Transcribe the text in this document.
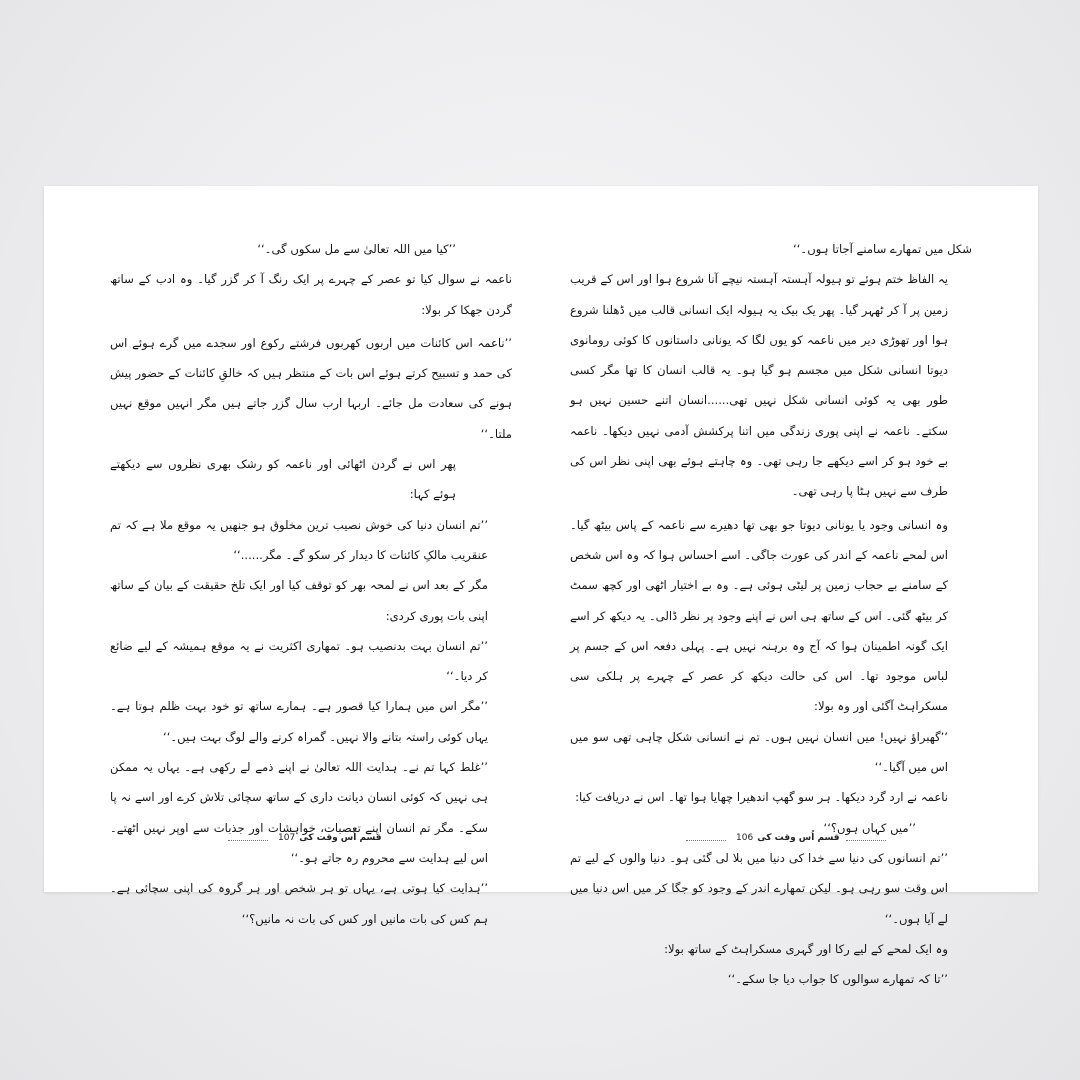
’’کیا میں اللہ تعالیٰ سے مل سکوں گی۔‘‘

ناعمہ نے سوال کیا تو عصر کے چہرے پر ایک رنگ آ کر گزر گیا۔ وہ ادب کے ساتھ گردن جھکا کر بولا:

’’ناعمہ اس کائنات میں اربوں کھربوں فرشتے رکوع اور سجدے میں گرے ہوئے اس کی حمد و تسبیح کرتے ہوئے اس بات کے منتظر ہیں کہ خالقِ کائنات کے حضور پیش ہونے کی سعادت مل جائے۔ اربہا ارب سال گزر جاتے ہیں مگر انہیں موقع نہیں ملتا۔‘‘

پھر اس نے گردن اٹھائی اور ناعمہ کو رشک بھری نظروں سے دیکھتے ہوئے کہا:

’’تم انسان دنیا کی خوش نصیب ترین مخلوق ہو جنھیں یہ موقع ملا ہے کہ تم عنقریب مالکِ کائنات کا دیدار کر سکو گے۔ مگر......‘‘

مگر کے بعد اس نے لمحہ بھر کو توقف کیا اور ایک تلخ حقیقت کے بیان کے ساتھ اپنی بات پوری کردی:

’’تم انسان بہت بدنصیب ہو۔ تمھاری اکثریت نے یہ موقع ہمیشہ کے لیے ضائع کر دیا۔‘‘

’’مگر اس میں ہمارا کیا قصور ہے۔ ہمارے ساتھ تو خود بہت ظلم ہوتا ہے۔ یہاں کوئی راستہ بتانے والا نہیں۔ گمراہ کرنے والے لوگ بہت ہیں۔‘‘

’’غلط کہا تم نے۔ ہدایت اللہ تعالیٰ نے اپنے ذمے لے رکھی ہے۔ یہاں یہ ممکن ہی نہیں کہ کوئی انسان دیانت داری کے ساتھ سچائی تلاش کرے اور اسے نہ پا سکے۔ مگر تم انسان اپنے تعصبات، خواہشات اور جذبات سے اوپر نہیں اٹھتے۔ اس لیے ہدایت سے محروم رہ جاتے ہو۔‘‘

’’ہدایت کیا ہوتی ہے، یہاں تو ہر شخص اور ہر گروہ کی اپنی سچائی ہے۔ ہم کس کی بات مانیں اور کس کی بات نہ مانیں؟‘‘

107 قسم اُس وقت کی

شکل میں تمھارے سامنے آجاتا ہوں۔‘‘

یہ الفاظ ختم ہوئے تو ہیولہ آہستہ آہستہ نیچے آنا شروع ہوا اور اس کے قریب زمین پر آ کر ٹھہر گیا۔ پھر یک بیک یہ ہیولہ ایک انسانی قالب میں ڈھلنا شروع ہوا اور تھوڑی دیر میں ناعمہ کو یوں لگا کہ یونانی داستانوں کا کوئی رومانوی دیوتا انسانی شکل میں مجسم ہو گیا ہو۔ یہ قالب انسان کا تھا مگر کسی طور بھی یہ کوئی انسانی شکل نہیں تھی......انسان اتنے حسین نہیں ہو سکتے۔ ناعمہ نے اپنی پوری زندگی میں اتنا پرکشش آدمی نہیں دیکھا۔ ناعمہ بے خود ہو کر اسے دیکھے جا رہی تھی۔ وہ چاہتے ہوئے بھی اپنی نظر اس کی طرف سے نہیں ہٹا پا رہی تھی۔

وہ انسانی وجود یا یونانی دیوتا جو بھی تھا دھیرے سے ناعمہ کے پاس بیٹھ گیا۔ اس لمحے ناعمہ کے اندر کی عورت جاگی۔ اسے احساس ہوا کہ وہ اس شخص کے سامنے بے حجاب زمین پر لیٹی ہوئی ہے۔ وہ بے اختیار اٹھی اور کچھ سمٹ کر بیٹھ گئی۔ اس کے ساتھ ہی اس نے اپنے وجود پر نظر ڈالی۔ یہ دیکھ کر اسے ایک گونہ اطمینان ہوا کہ آج وہ برہنہ نہیں ہے۔ پہلی دفعہ اس کے جسم پر لباس موجود تھا۔ اس کی حالت دیکھ کر عصر کے چہرے پر ہلکی سی مسکراہٹ آگئی اور وہ بولا:

’’گھبراؤ نہیں! میں انسان نہیں ہوں۔ تم نے انسانی شکل چاہی تھی سو میں اس میں آگیا۔‘‘

ناعمہ نے ارد گرد دیکھا۔ ہر سو گھپ اندھیرا چھایا ہوا تھا۔ اس نے دریافت کیا:

’’میں کہاں ہوں؟‘‘

’’تم انسانوں کی دنیا سے خدا کی دنیا میں بلا لی گئی ہو۔ دنیا والوں کے لیے تم اس وقت سو رہی ہو۔ لیکن تمھارے اندر کے وجود کو جگا کر میں اس دنیا میں لے آیا ہوں۔‘‘

وہ ایک لمحے کے لیے رکا اور گہری مسکراہٹ کے ساتھ بولا:

’’تا کہ تمھارے سوالوں کا جواب دیا جا سکے۔‘‘

106 قسم اُس وقت کی
